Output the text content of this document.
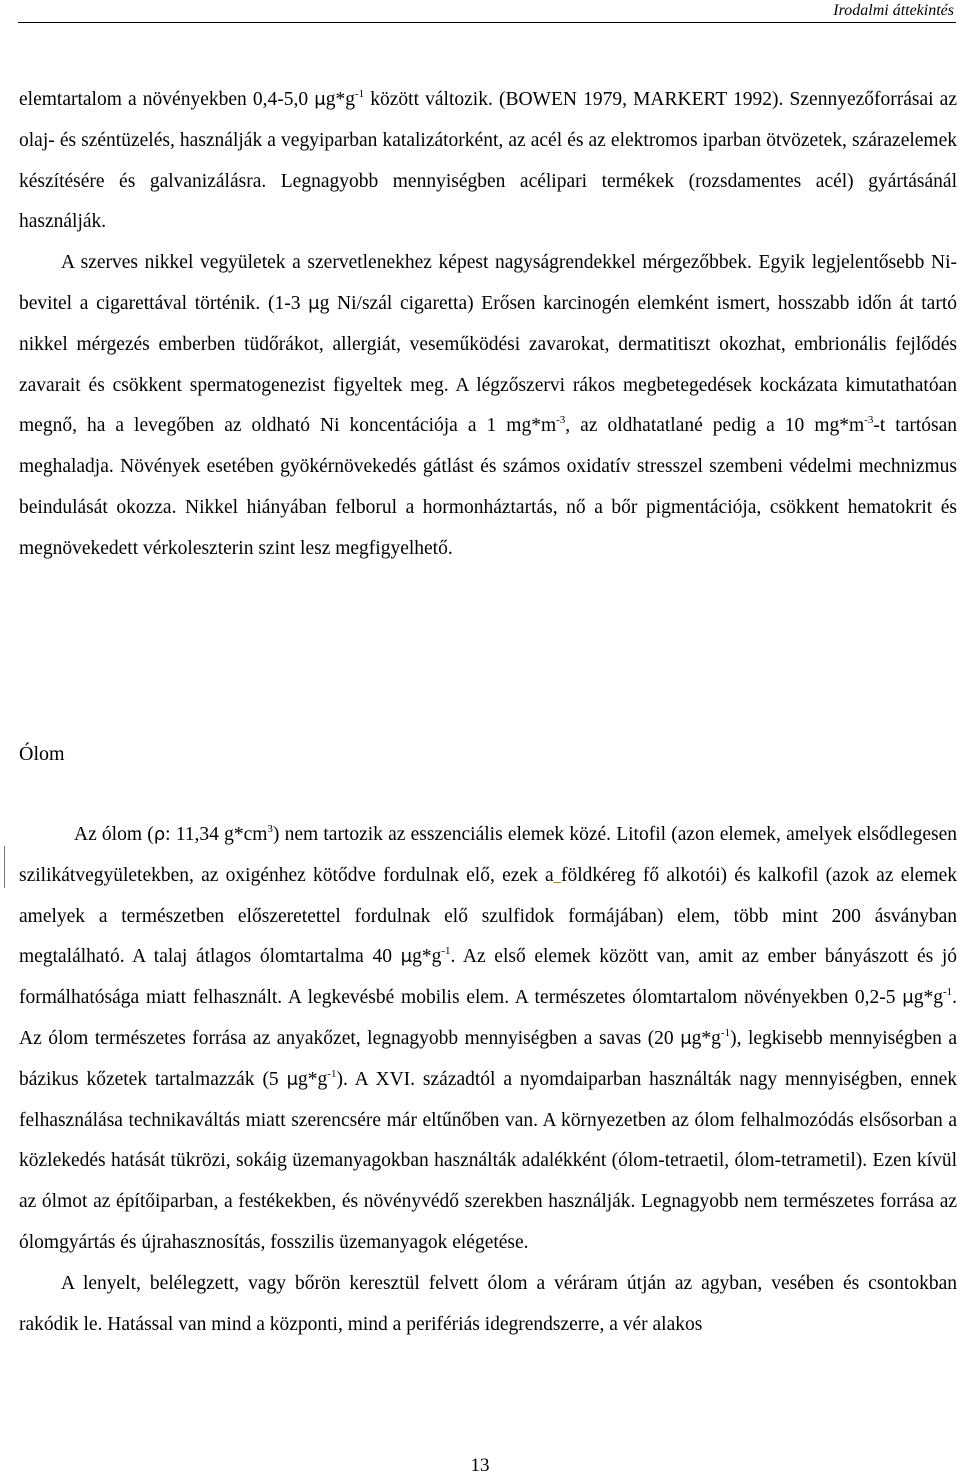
Irodalmi áttekintés

elemtartalom a növényekben 0,4-5,0 $\mu g*g^{-1}$ között változik. (BOWEN 1979, MARKERT 1992). Szennyezőforrásai az olaj- és széntüzelés, használják a vegyiparban katalizátorként, az acél és az elektromos iparban ötvözetek, szárazelemek készítésére és galvanizálásra. Legnagyobb mennyiségben acélipari termékek (rozsdamentes acél) gyártásánál használják.

A szerves nikkel vegyületek a szervetlenekhez képest nagyságrendekkel mérgezőbbek. Egyik legjelentősebb Ni-bevitel a cigarettával történik. (1-3 μg Ni/szál cigaretta) Erősen karcinogén elemként ismert, hosszabb időn át tartó nikkel mérgezés emberben tüdőrákot, allergiát, veseműködési zavarokat, dermatitiszt okozhat, embrionális fejlődés zavarait és csökkent spermatogenezist figyeltek meg. A légzőszervi rákos megbetegedések kockázata kimutathatóan megnő, ha a levegőben az oldható Ni koncentációja a 1 $mg*m^{-3}$, az oldhatatlané pedig a 10 $mg*m^{-3}-t$ tartósan meghaladja. Növények esetében gyökérnövekedés gátlást és számos oxidatív stresszel szembeni védelmi mechnizmus beindulását okozza. Nikkel hiányában felborul a hormonháztartás, nő a bőr pigmentációja, csökkent hematokrit és megnövekedett vérkoleszterin szint lesz megfigyelhető.

Ólom

Az ólom (ρ: 11,34 $g*cm^3$) nem tartozik az esszenciális elemek közé. Litofil (azon elemek, amelyek elsődlegesen szilikátvegyületekben, az oxigénhez kötődve fordulnak elő, ezek a földkéreg fő alkotói) és kalkofil (azok az elemek amelyek a természetben előszeretettel fordulnak elő szulfidok formájában) elem, több mint 200 ásványban megtalálható. A talaj átlagos ólomtartalma 40 $\mu g*g^{-1}$. Az első elemek között van, amit az ember bányászott és jó formálhatósága miatt felhasznált. A legkevésbé mobilis elem. A természetes ólomtartalom növényekben 0,2-5 $\mu g*g^{-1}$. Az ólom természetes forrása az anyakőzet, legnagyobb mennyiségben a savas (20 $\mu g*g^{-1}$), legkisebb mennyiségben a bázikus kőzetek tartalmazzák (5 $\mu g*g^{-1}$). A XVI. századtól a nyomdaiparban használták nagy mennyiségben, ennek felhasználása technikaváltás miatt szerencsére már eltűnőben van. A környezetben az ólom felhalmozódás elsősorban a közlekedés hatását tükrözi, sokáig üzemanyagokban használták adalékként (ólom-tetraetil, ólom-tetrametil). Ezen kívül az ólmot az építőiparban, a festékekben, és növényvédő szerekben használják. Legnagyobb nem természetes forrása az ólomgyártás és újrahasznosítás, fosszilis üzemanyagok elégetése.

A lenyelt, belélegzett, vagy bőrön keresztül felvett ólom a véráram útján az agyban, vesében és csontokban rakódik le. Hatással van mind a központi, mind a perifériás idegrendszerre, a vér alakos

13
